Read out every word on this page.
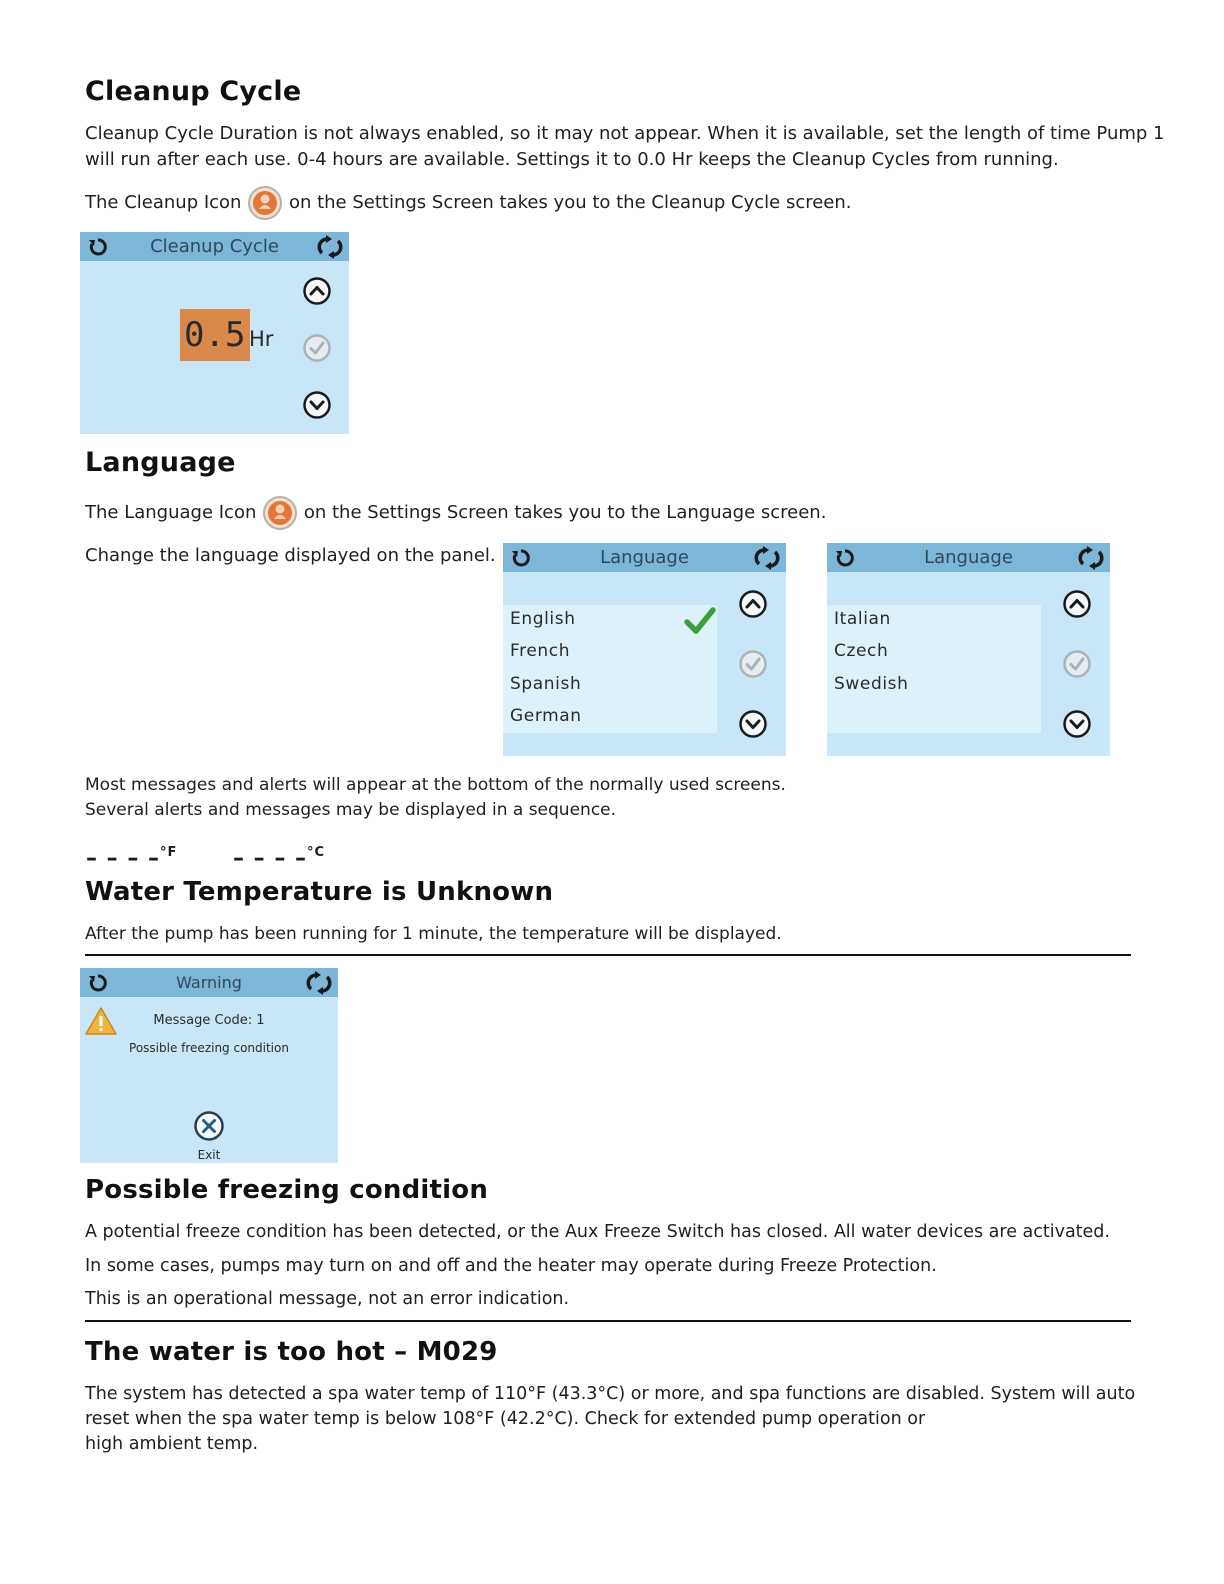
Cleanup Cycle
Cleanup Cycle Duration is not always enabled, so it may not appear. When it is available, set the length of time Pump 1
will run after each use. 0-4 hours are available. Settings it to 0.0 Hr keeps the Cleanup Cycles from running.
The Cleanup Icon	on the Settings Screen takes you to the Cleanup Cycle screen.
Cleanup Cycle
0.5 Hr
Language
The Language Icon	on the Settings Screen takes you to the Language screen.
Change the language displayed on the panel.	Language
English
French
Spanish
German
Language
Italian
Czech
Swedish
Most messages and alerts will appear at the bottom of the normally used screens.
Several alerts and messages may be displayed in a sequence.
– – – –$^{^\circ F}$	– – – –$^{^\circ C}$
Water Temperature is Unknown
After the pump has been running for 1 minute, the temperature will be displayed.
Warning
Message Code: 1
Possible freezing condition
Exit
Possible freezing condition
A potential freeze condition has been detected, or the Aux Freeze Switch has closed. All water devices are activated.
In some cases, pumps may turn on and off and the heater may operate during Freeze Protection.
This is an operational message, not an error indication.
The water is too hot – M029
The system has detected a spa water temp of 110°F (43.3°C) or more, and spa functions are disabled. System will auto
reset when the spa water temp is below 108°F (42.2°C). Check for extended pump operation or
high ambient temp.
